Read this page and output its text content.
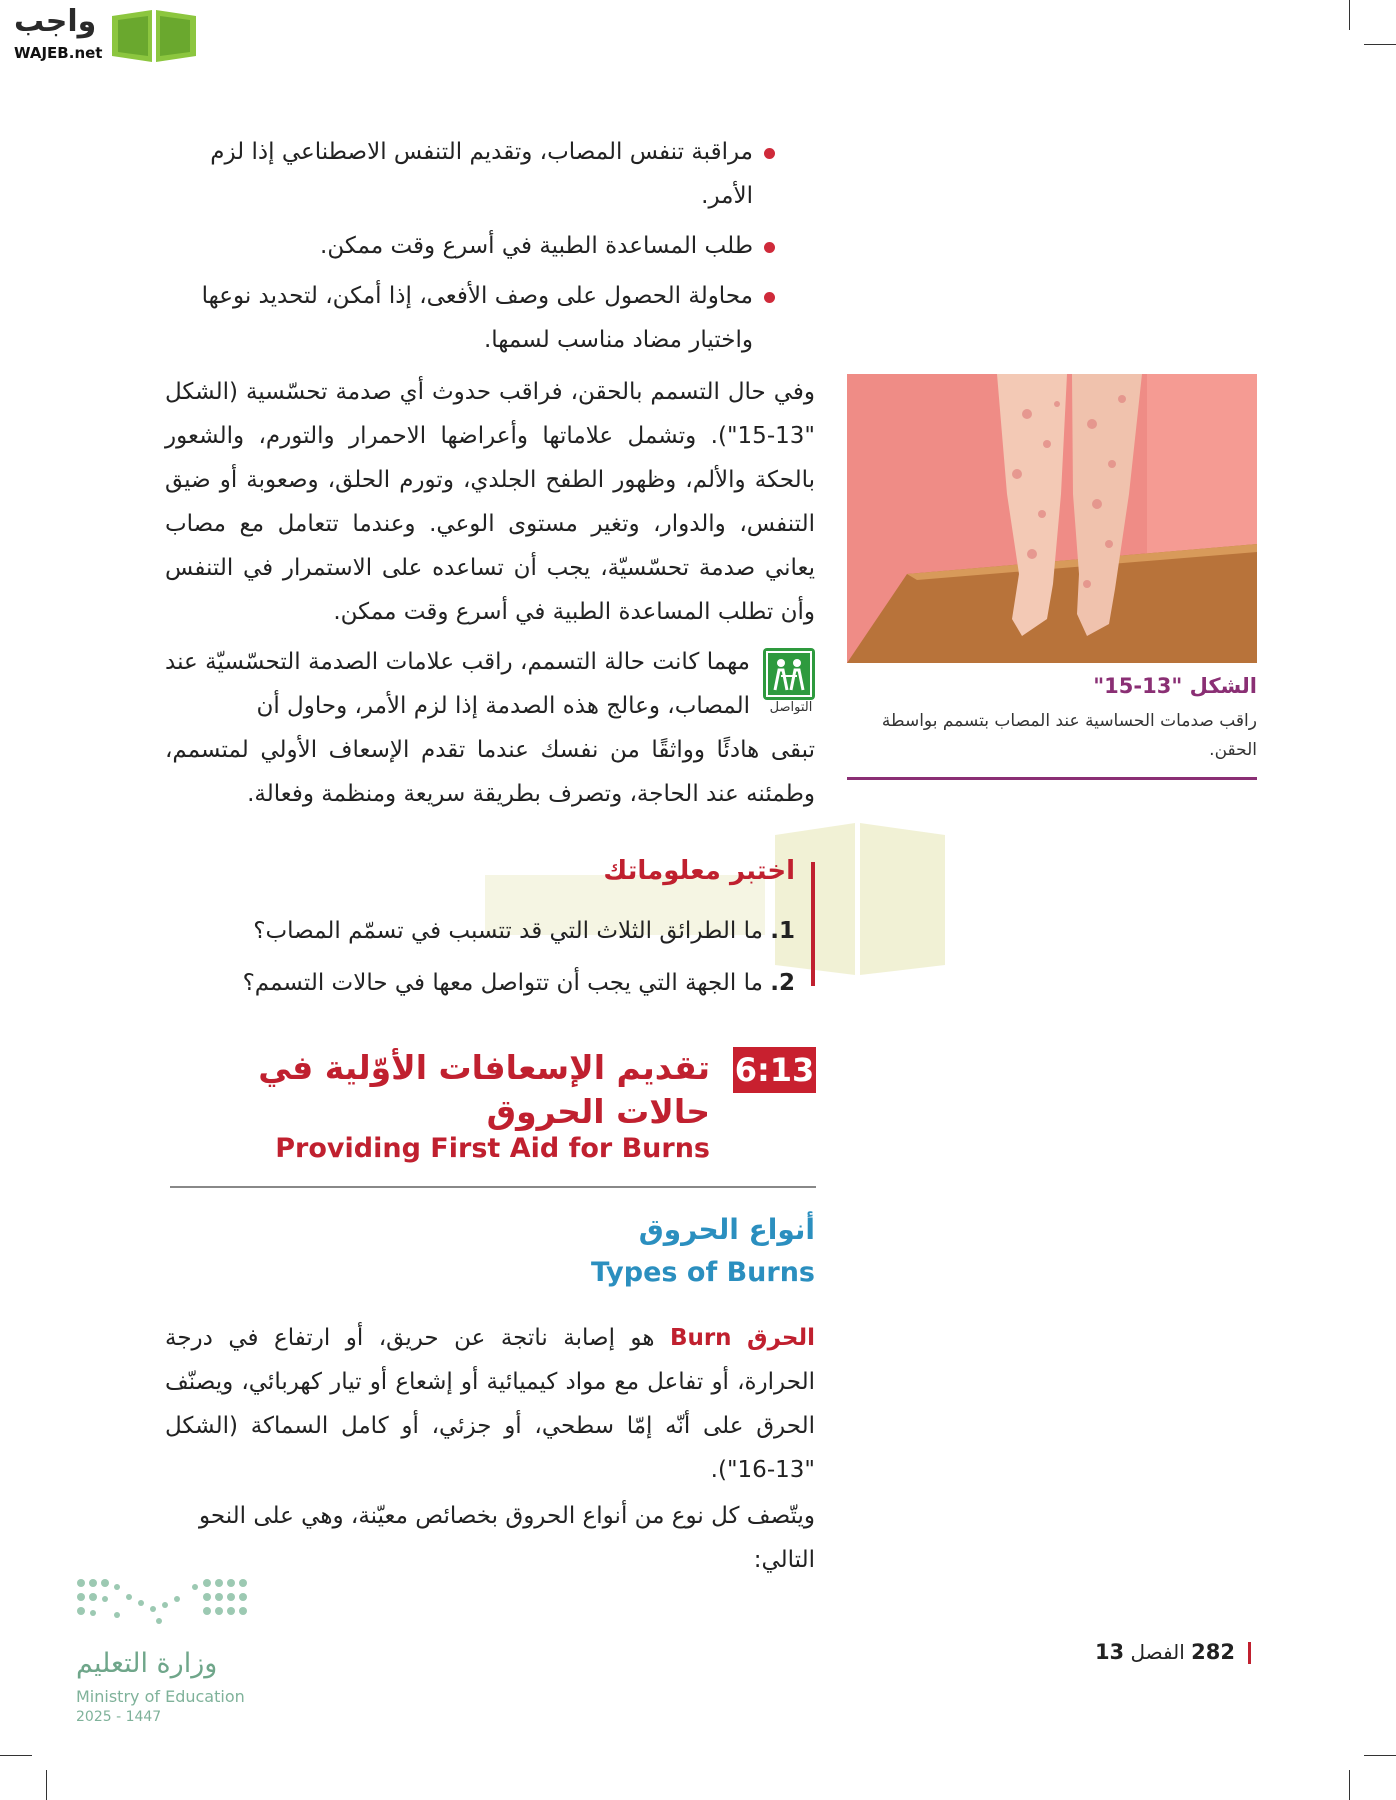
واجب
WAJEB.net
مراقبة تنفس المصاب، وتقديم التنفس الاصطناعي إذا لزم الأمر.
طلب المساعدة الطبية في أسرع وقت ممكن.
محاولة الحصول على وصف الأفعى، إذا أمكن، لتحديد نوعها واختيار مضاد مناسب لسمها.
وفي حال التسمم بالحقن، فراقب حدوث أي صدمة تحسّسية (الشكل "13-15"). وتشمل علاماتها وأعراضها الاحمرار والتورم، والشعور بالحكة والألم، وظهور الطفح الجلدي، وتورم الحلق، وصعوبة أو ضيق التنفس، والدوار، وتغير مستوى الوعي. وعندما تتعامل مع مصاب يعاني صدمة تحسّسيّة، يجب أن تساعده على الاستمرار في التنفس وأن تطلب المساعدة الطبية في أسرع وقت ممكن.
التواصل
مهما كانت حالة التسمم، راقب علامات الصدمة التحسّسيّة عند المصاب، وعالج هذه الصدمة إذا لزم الأمر، وحاول أن
تبقى هادئًا وواثقًا من نفسك عندما تقدم الإسعاف الأولي لمتسمم، وطمئنه عند الحاجة، وتصرف بطريقة سريعة ومنظمة وفعالة.
الشكل "13-15"
راقب صدمات الحساسية عند المصاب بتسمم بواسطة الحقن.
اختبر معلوماتك

1. ما الطرائق الثلاث التي قد تتسبب في تسمّم المصاب؟

2. ما الجهة التي يجب أن تتواصل معها في حالات التسمم؟

6:13
تقديم الإسعافات الأوّلية في حالات الحروق
Providing First Aid for Burns
أنواع الحروق
Types of Burns
الحرق Burn هو إصابة ناتجة عن حريق، أو ارتفاع في درجة الحرارة، أو تفاعل مع مواد كيميائية أو إشعاع أو تيار كهربائي، ويصنّف الحرق على أنّه إمّا سطحي، أو جزئي، أو كامل السماكة (الشكل "13-16").
ويتّصف كل نوع من أنواع الحروق بخصائص معيّنة، وهي على النحو التالي:
وزارة التعليم
Ministry of Education
2025 - 1447
282 الفصل 13
